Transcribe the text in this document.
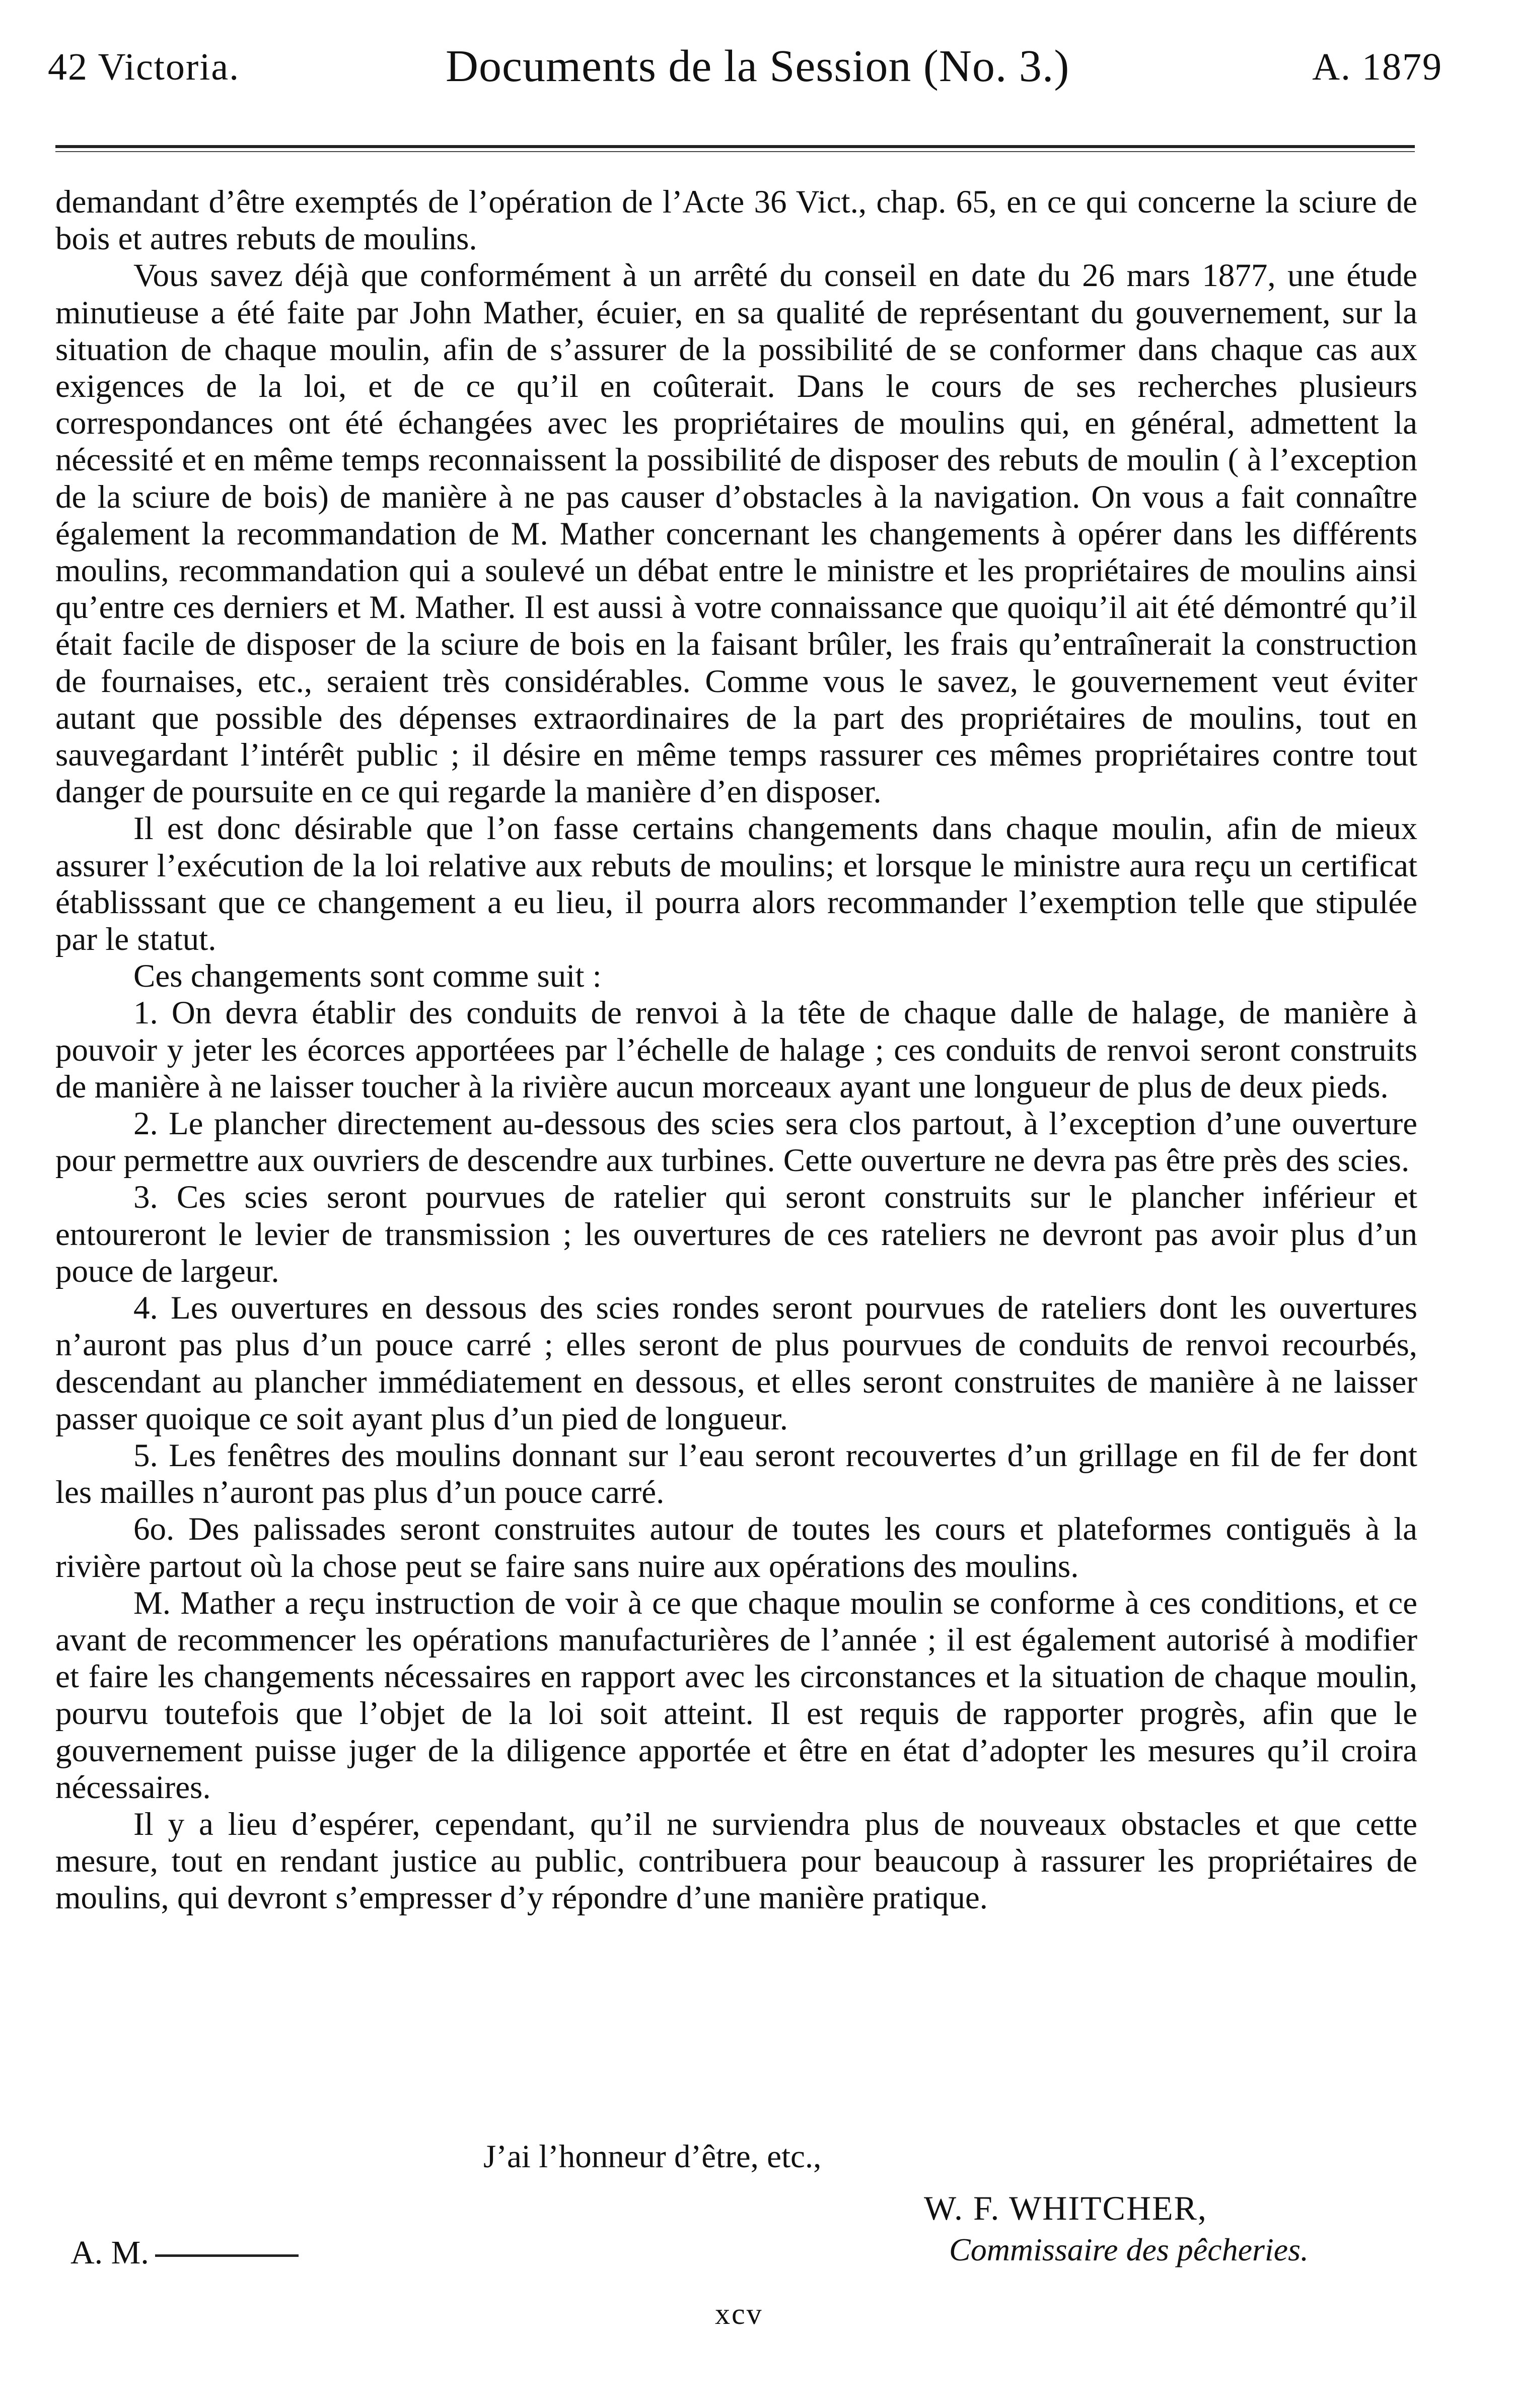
42 Victoria.	Documents de la Session (No. 3.)	A. 1879

demandant d’être exemptés de l’opération de l’Acte 36 Vict., chap. 65, en ce qui concerne la sciure de bois et autres rebuts de moulins.

Vous savez déjà que conformément à un arrêté du conseil en date du 26 mars 1877, une étude minutieuse a été faite par John Mather, écuier, en sa qualité de représentant du gouvernement, sur la situation de chaque moulin, afin de s’assurer de la possibilité de se conformer dans chaque cas aux exigences de la loi, et de ce qu’il en coûterait. Dans le cours de ses recherches plusieurs correspondances ont été échangées avec les propriétaires de moulins qui, en général, admettent la nécessité et en même temps reconnaissent la possibilité de disposer des rebuts de moulin ( à l’exception de la sciure de bois) de manière à ne pas causer d’obstacles à la navigation. On vous a fait connaître également la recommandation de M. Mather concernant les changements à opérer dans les différents moulins, recommandation qui a soulevé un débat entre le ministre et les propriétaires de moulins ainsi qu’entre ces derniers et M. Mather. Il est aussi à votre connaissance que quoiqu’il ait été démontré qu’il était facile de disposer de la sciure de bois en la faisant brûler, les frais qu’entraînerait la construction de fournaises, etc., seraient très considérables. Comme vous le savez, le gouvernement veut éviter autant que possible des dépenses extraordinaires de la part des propriétaires de moulins, tout en sauvegardant l’intérêt public ; il désire en même temps rassurer ces mêmes propriétaires contre tout danger de poursuite en ce qui regarde la manière d’en disposer.

Il est donc désirable que l’on fasse certains changements dans chaque moulin, afin de mieux assurer l’exécution de la loi relative aux rebuts de moulins; et lorsque le ministre aura reçu un certificat établisssant que ce changement a eu lieu, il pourra alors recommander l’exemption telle que stipulée par le statut.

Ces changements sont comme suit :

1. On devra établir des conduits de renvoi à la tête de chaque dalle de halage, de manière à pouvoir y jeter les écorces apportéees par l’échelle de halage ; ces conduits de renvoi seront construits de manière à ne laisser toucher à la rivière aucun morceaux ayant une longueur de plus de deux pieds.

2. Le plancher directement au-dessous des scies sera clos partout, à l’exception d’une ouverture pour permettre aux ouvriers de descendre aux turbines. Cette ouverture ne devra pas être près des scies.

3. Ces scies seront pourvues de ratelier qui seront construits sur le plancher inférieur et entoureront le levier de transmission ; les ouvertures de ces rateliers ne devront pas avoir plus d’un pouce de largeur.

4. Les ouvertures en dessous des scies rondes seront pourvues de rateliers dont les ouvertures n’auront pas plus d’un pouce carré ; elles seront de plus pourvues de conduits de renvoi recourbés, descendant au plancher immédiatement en dessous, et elles seront construites de manière à ne laisser passer quoique ce soit ayant plus d’un pied de longueur.

5. Les fenêtres des moulins donnant sur l’eau seront recouvertes d’un grillage en fil de fer dont les mailles n’auront pas plus d’un pouce carré.

6o. Des palissades seront construites autour de toutes les cours et plateformes contiguës à la rivière partout où la chose peut se faire sans nuire aux opérations des moulins.

M. Mather a reçu instruction de voir à ce que chaque moulin se conforme à ces conditions, et ce avant de recommencer les opérations manufacturières de l’année ; il est également autorisé à modifier et faire les changements nécessaires en rapport avec les circonstances et la situation de chaque moulin, pourvu toutefois que l’objet de la loi soit atteint. Il est requis de rapporter progrès, afin que le gouvernement puisse juger de la diligence apportée et être en état d’adopter les mesures qu’il croira nécessaires.

Il y a lieu d’espérer, cependant, qu’il ne surviendra plus de nouveaux obstacles et que cette mesure, tout en rendant justice au public, contribuera pour beaucoup à rassurer les propriétaires de moulins, qui devront s’empresser d’y répondre d’une manière pratique.

J’ai l’honneur d’être, etc.,
W. F. WHITCHER,
Commissaire des pêcheries.
A. M.
xcv
